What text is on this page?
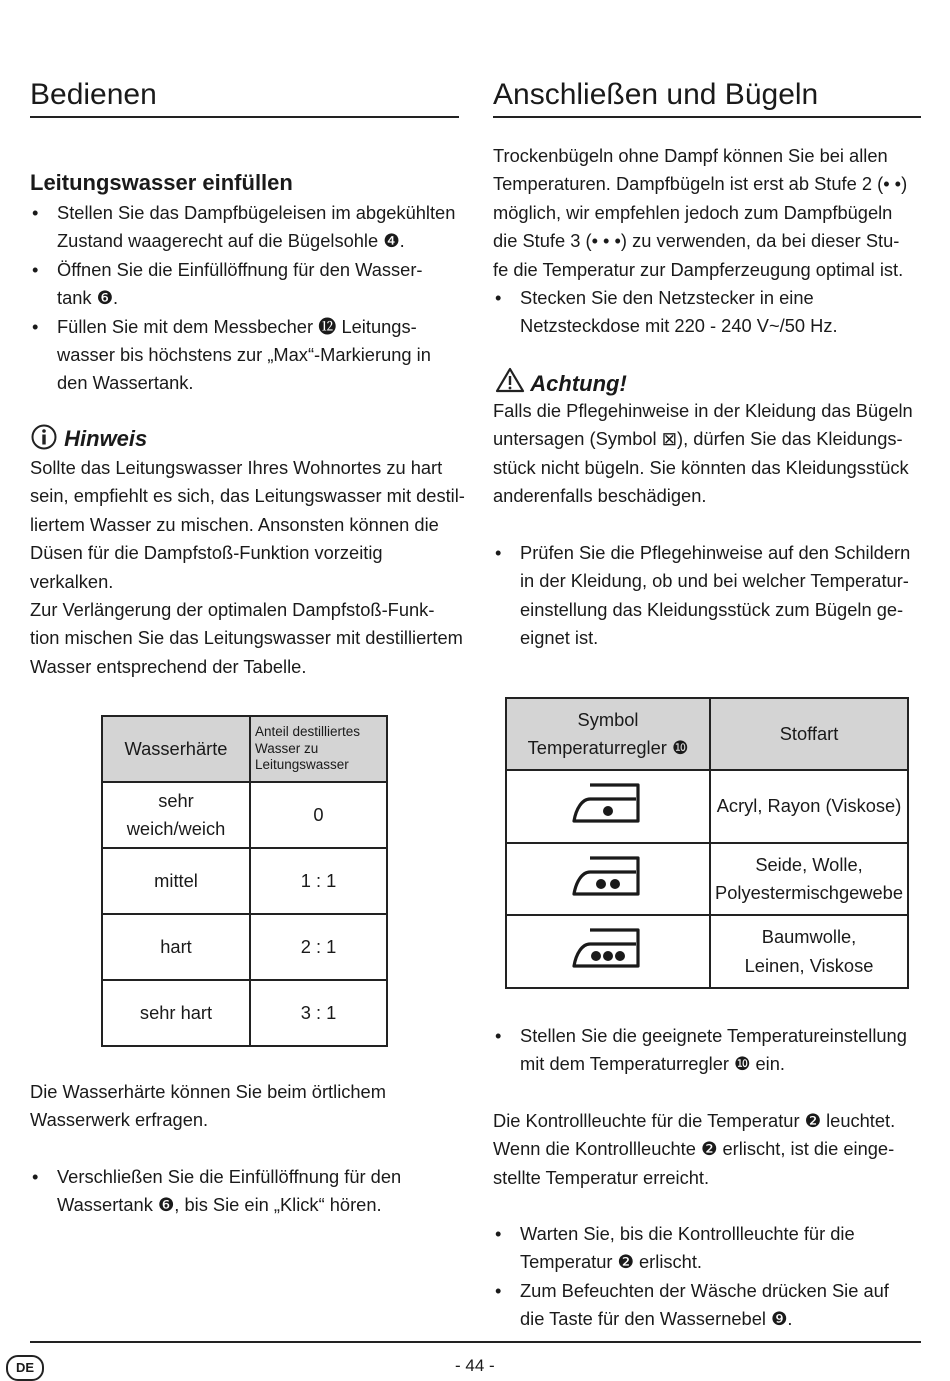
Bedienen
Leitungswasser einfüllen
• Stellen Sie das Dampfbügeleisen im abgekühlten
Zustand waagerecht auf die Bügelsohle ❹.
• Öffnen Sie die Einfüllöffnung für den Wasser-
tank ❻.
• Füllen Sie mit dem Messbecher ⓬ Leitungs-
wasser bis höchstens zur „Max“-Markierung in
den Wassertank.
Hinweis
Sollte das Leitungswasser Ihres Wohnortes zu hart
sein, empfiehlt es sich, das Leitungswasser mit destil-
liertem Wasser zu mischen. Ansonsten können die
Düsen für die Dampfstoß-Funktion vorzeitig
verkalken.
Zur Verlängerung der optimalen Dampfstoß-Funk-
tion mischen Sie das Leitungswasser mit destilliertem
Wasser entsprechend der Tabelle.
Wasserhärte	Anteil destilliertes Wasser zu Leitungswasser
sehr weich/weich	0
mittel	1 : 1
hart	2 : 1
sehr hart	3 : 1
Die Wasserhärte können Sie beim örtlichem
Wasserwerk erfragen.
• Verschließen Sie die Einfüllöffnung für den
Wassertank ❻, bis Sie ein „Klick“ hören.
Anschließen und Bügeln
Trockenbügeln ohne Dampf können Sie bei allen
Temperaturen. Dampfbügeln ist erst ab Stufe 2 (• •)
möglich, wir empfehlen jedoch zum Dampfbügeln
die Stufe 3 (• • •) zu verwenden, da bei dieser Stu-
fe die Temperatur zur Dampferzeugung optimal ist.
• Stecken Sie den Netzstecker in eine
Netzsteckdose mit 220 - 240 V~/50 Hz.
Achtung!
Falls die Pflegehinweise in der Kleidung das Bügeln
untersagen (Symbol ⊠), dürfen Sie das Kleidungs-
stück nicht bügeln. Sie könnten das Kleidungsstück
anderenfalls beschädigen.
• Prüfen Sie die Pflegehinweise auf den Schildern
in der Kleidung, ob und bei welcher Temperatur-
einstellung das Kleidungsstück zum Bügeln ge-
eignet ist.
Symbol Temperaturregler ❿	Stoffart
	Acryl, Rayon (Viskose)
	Seide, Wolle, Polyestermischgewebe
	Baumwolle, Leinen, Viskose
• Stellen Sie die geeignete Temperatureinstellung
mit dem Temperaturregler ❿ ein.
Die Kontrollleuchte für die Temperatur ❷ leuchtet.
Wenn die Kontrollleuchte ❷ erlischt, ist die einge-
stellte Temperatur erreicht.
• Warten Sie, bis die Kontrollleuchte für die
Temperatur ❷ erlischt.
• Zum Befeuchten der Wäsche drücken Sie auf
die Taste für den Wassernebel ❾.
DE	- 44 -
